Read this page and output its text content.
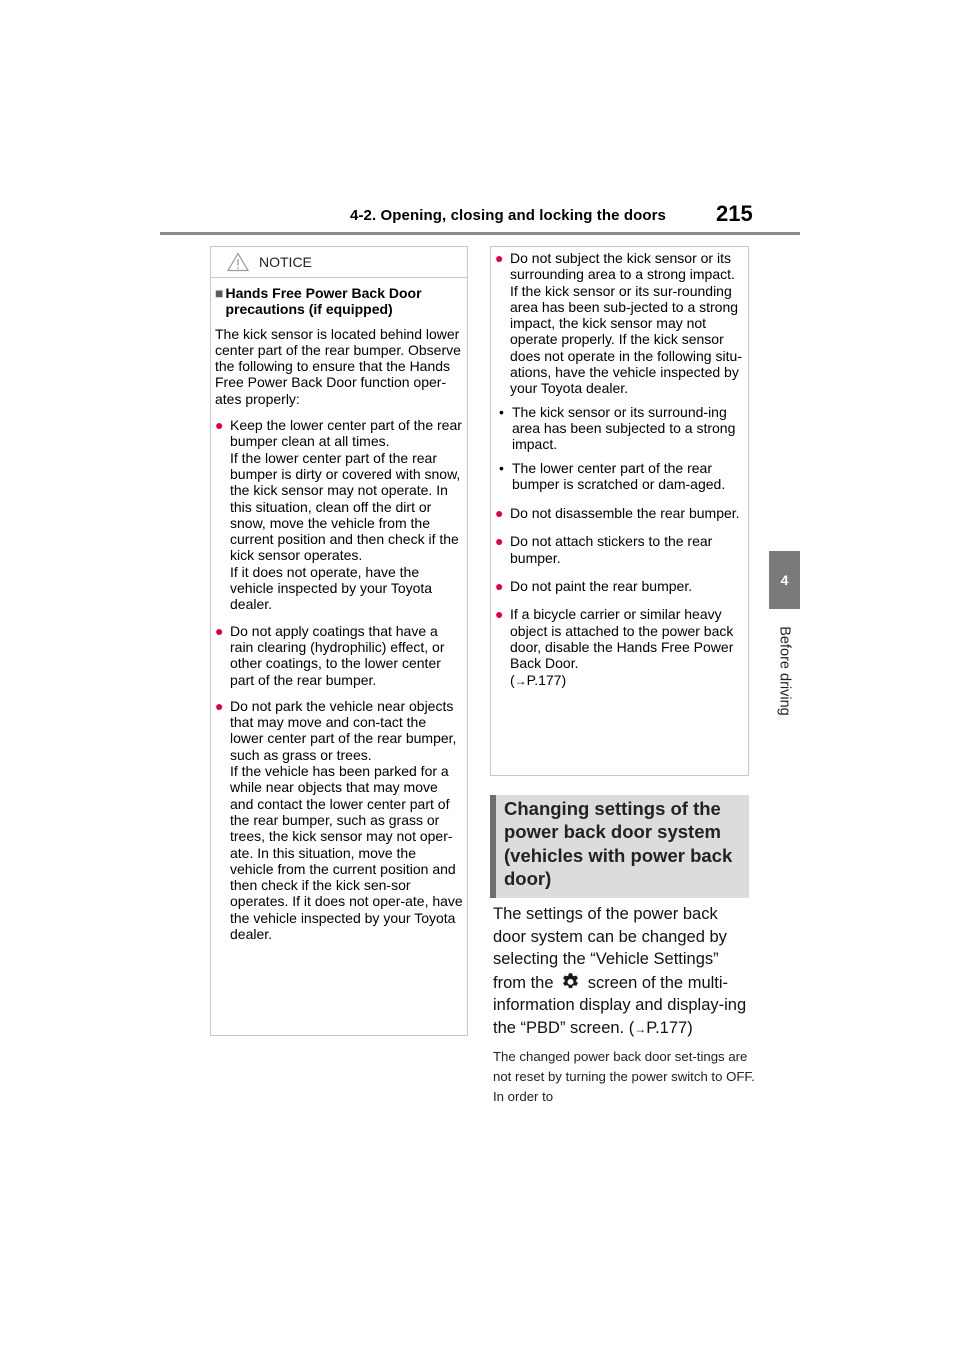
4-2. Opening, closing and locking the doors 215
4
Before driving
NOTICE
■ Hands Free Power Back Door precautions (if equipped)
The kick sensor is located behind lower center part of the rear bumper. Observe the following to ensure that the Hands Free Power Back Door function oper-ates properly:
● Keep the lower center part of the rear bumper clean at all times.
If the lower center part of the rear bumper is dirty or covered with snow, the kick sensor may not operate. In this situation, clean off the dirt or snow, move the vehicle from the current position and then check if the kick sensor operates.
If it does not operate, have the vehicle inspected by your Toyota dealer.
● Do not apply coatings that have a rain clearing (hydrophilic) effect, or other coatings, to the lower center part of the rear bumper.
● Do not park the vehicle near objects that may move and con-tact the lower center part of the rear bumper, such as grass or trees.
If the vehicle has been parked for a while near objects that may move and contact the lower center part of the rear bumper, such as grass or trees, the kick sensor may not oper-ate. In this situation, move the vehicle from the current position and then check if the kick sen-sor operates. If it does not oper-ate, have the vehicle inspected by your Toyota dealer.
● Do not subject the kick sensor or its surrounding area to a strong impact.
If the kick sensor or its sur-rounding area has been sub-jected to a strong impact, the kick sensor may not operate properly. If the kick sensor does not operate in the following situ-ations, have the vehicle inspected by your Toyota dealer.
• The kick sensor or its surround-ing area has been subjected to a strong impact.
• The lower center part of the rear bumper is scratched or dam-aged.
● Do not disassemble the rear bumper.
● Do not attach stickers to the rear bumper.
● Do not paint the rear bumper.
● If a bicycle carrier or similar heavy object is attached to the power back door, disable the Hands Free Power Back Door.
(→P.177)
Changing settings of the power back door system (vehicles with power back door)
The settings of the power back door system can be changed by selecting the “Vehicle Settings” from the screen of the multi-information display and display-ing the “PBD” screen. (→P.177)
The changed power back door set-tings are not reset by turning the power switch to OFF. In order to
